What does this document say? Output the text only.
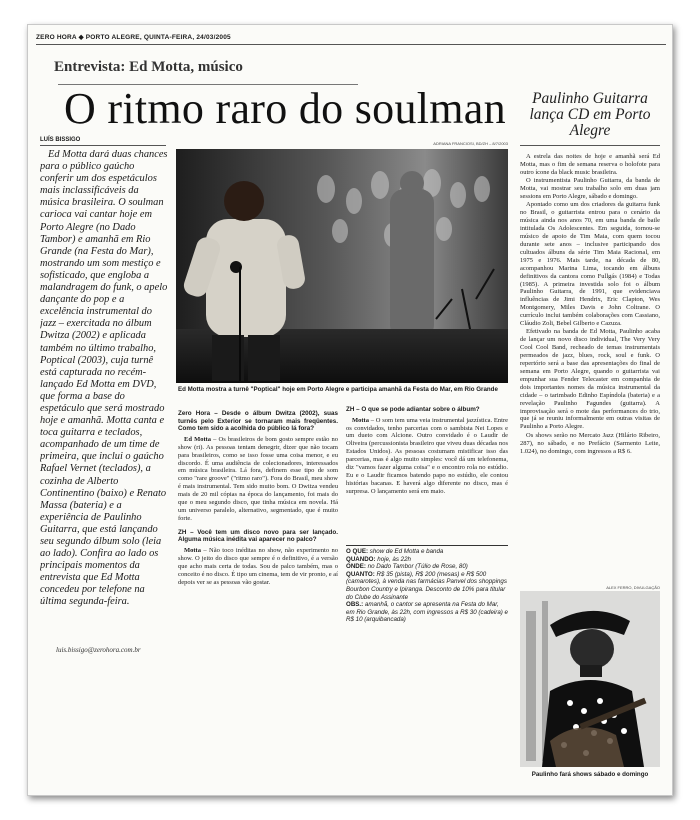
ZERO HORA ◆ PORTO ALEGRE, QUINTA-FEIRA, 24/03/2005
Entrevista: Ed Motta, músico
O ritmo raro do soulman
LUÍS BISSIGO

Ed Motta dará duas chances para o público gaúcho conferir um dos espetáculos mais inclassificáveis da música brasileira. O soulman carioca vai cantar hoje em Porto Alegre (no Dado Tambor) e amanhã em Rio Grande (na Festa do Mar), mostrando um som mestiço e sofisticado, que engloba a malandragem do funk, o apelo dançante do pop e a excelência instrumental do jazz – exercitada no álbum Dwitza (2002) e aplicada também no último trabalho, Poptical (2003), cuja turnê está capturada no recém-lançado Ed Motta em DVD, que forma a base do espetáculo que será mostrado hoje e amanhã. Motta canta e toca guitarra e teclados, acompanhado de um time de primeira, que inclui o gaúcho Rafael Vernet (teclados), a cozinha de Alberto Continentino (baixo) e Renato Massa (bateria) e a experiência de Paulinho Guitarra, que está lançando seu segundo álbum solo (leia ao lado). Confira ao lado os principais momentos da entrevista que Ed Motta concedeu por telefone na última segunda-feira.

luis.bissigo@zerohora.com.br
ADRIANA FRANCIOSI, BD/ZH – 8/7/2003
Ed Motta mostra a turnê "Poptical" hoje em Porto Alegre e participa amanhã da Festa do Mar, em Rio Grande

Zero Hora – Desde o álbum Dwitza (2002), suas turnês pelo Exterior se tornaram mais freqüentes. Como tem sido a acolhida do público lá fora?

Ed Motta – Os brasileiros de bom gosto sempre estão no show (ri). As pessoas tentam denegrir, dizer que não tocam para brasileiros, como se isso fosse uma coisa menor, e eu discordo. É uma audiência de colecionadores, interessados em música brasileira. Lá fora, definem esse tipo de som como "rare groove" ("ritmo raro"). Fora do Brasil, meu show é mais instrumental. Tem sido muito bom. O Dwitza vendeu mais de 20 mil cópias na época do lançamento, foi mais do que o meu segundo disco, que tinha música em novela. Há um universo paralelo, alternativo, segmentado, que é muito forte.

ZH – Você tem um disco novo para ser lançado. Alguma música inédita vai aparecer no palco?

Motta – Não toco inéditas no show, não experimento no show. O jeito do disco que sempre é o definitivo, é a versão que acho mais certa de todas. Sou de palco também, mas o conceito é no disco. É tipo um cinema, tem de vir pronto, e aí depois ver se as pessoas vão gostar.

ZH – O que se pode adiantar sobre o álbum?

Motta – O som tem uma veia instrumental jazzística. Entre os convidados, tenho parcerias com o sambista Nei Lopes e um dueto com Alcione. Outro convidado é o Laudir de Oliveira (percussionista brasileiro que viveu duas décadas nos Estados Unidos). As pessoas costumam mistificar isso das parcerias, mas é algo muito simples: você dá um telefonema, diz "vamos fazer alguma coisa" e o encontro rola no estúdio. Eu e o Laudir ficamos batendo papo no estúdio, ele contou histórias bacanas. E haverá algo diferente no disco, mas é surpresa. O lançamento será em maio.

O QUE: show de Ed Motta e banda
QUANDO: hoje, às 22h
ONDE: no Dado Tambor (Túlio de Rose, 80)
QUANTO: R$ 35 (pista), R$ 200 (mesas) e R$ 500 (camarotes), à venda nas farmácias Panvel dos shoppings Bourbon Country e Ipiranga. Desconto de 10% para titular do Clube do Assinante
OBS.: amanhã, o cantor se apresenta na Festa do Mar, em Rio Grande, às 22h, com ingressos a R$ 30 (cadeira) e R$ 10 (arquibancada)
Paulinho Guitarra lança CD em Porto Alegre

A estrela das noites de hoje e amanhã será Ed Motta, mas o fim de semana reserva o holofote para outro ícone da black music brasileira.

O instrumentista Paulinho Guitarra, da banda de Motta, vai mostrar seu trabalho solo em duas jam sessions em Porto Alegre, sábado e domingo.

Apontado como um dos criadores da guitarra funk no Brasil, o guitarrista entrou para o cenário da música ainda nos anos 70, em uma banda de baile intitulada Os Adolescentes. Em seguida, tornou-se músico de apoio de Tim Maia, com quem tocou durante sete anos – inclusive participando dos cultuados álbuns da série Tim Maia Racional, em 1975 e 1976. Mais tarde, na década de 80, acompanhou Marina Lima, tocando em álbuns definitivos da cantora como Fullgás (1984) e Todas (1985). A primeira investida solo foi o álbum Paulinho Guitarra, de 1991, que evidenciava influências de Jimi Hendrix, Eric Clapton, Wes Montgomery, Miles Davis e John Coltrane. O currículo inclui também colaborações com Cassiano, Cláudio Zoli, Bebel Gilberto e Cazuza.

Efetivado na banda de Ed Motta, Paulinho acaba de lançar um novo disco individual, The Very Very Cool Cool Band, recheado de temas instrumentais permeados de jazz, blues, rock, soul e funk. O repertório será a base das apresentações do final de semana em Porto Alegre, quando o guitarrista vai empunhar sua Fender Telecaster em companhia de dois importantes nomes da música instrumental da cidade – o tarimbado Edinho Espíndola (bateria) e a revelação Paulinho Fagundes (guitarra). A improvisação será o mote das performances do trio, que já se reuniu informalmente em outras visitas de Paulinho a Porto Alegre.

Os shows serão no Mercato Jazz (Hilário Ribeiro, 287), no sábado, e no Prefácio (Sarmento Leite, 1.024), no domingo, com ingressos a R$ 6.

ALEX FERRO, DIVULGAÇÃO
Paulinho fará shows sábado e domingo
